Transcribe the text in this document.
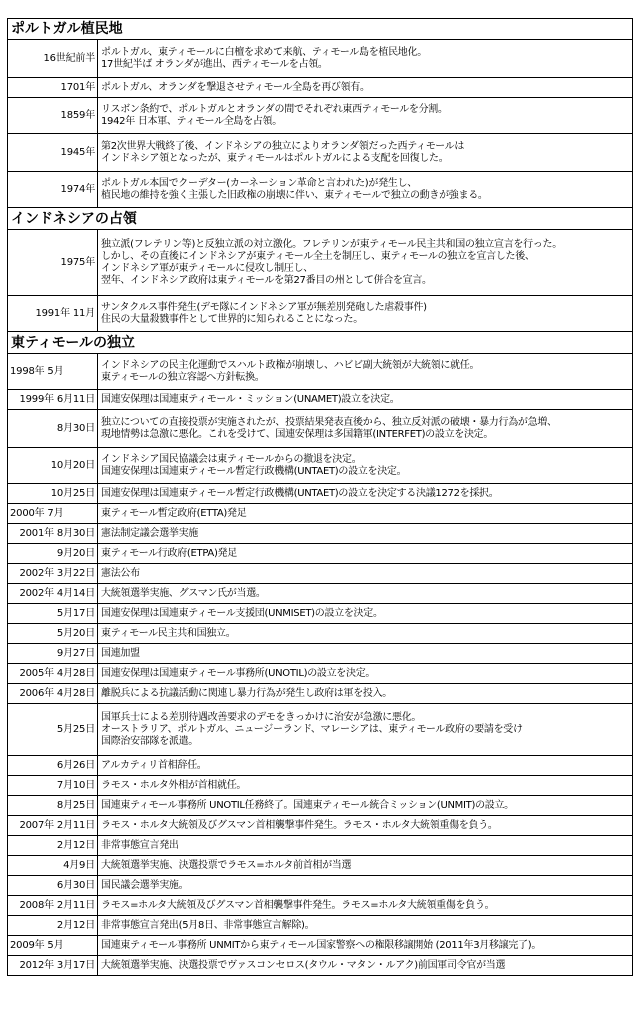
ポルトガル植民地
16世紀前半
ポルトガル、東ティモールに白檀を求めて来航、ティモール島を植民地化。
17世紀半ば オランダが進出、西ティモールを占領。
1701年 ポルトガル、オランダを撃退させティモール全島を再び領有。
1859年
リスボン条約で、ポルトガルとオランダの間でそれぞれ東西ティモールを分割。
1942年 日本軍、ティモール全島を占領。
1945年
第2次世界大戦終了後、インドネシアの独立によりオランダ領だった西ティモールは
インドネシア領となったが、東ティモールはポルトガルによる支配を回復した。
1974年
ポルトガル本国でクーデター(カーネーション革命と言われた)が発生し、
植民地の維持を強く主張した旧政権の崩壊に伴い、東ティモールで独立の動きが強まる。
インドネシアの占領
1975年
独立派(フレテリン等)と反独立派の対立激化。フレテリンが東ティモール民主共和国の独立宣言を行った。
しかし、その直後にインドネシアが東ティモール全土を制圧し、東ティモールの独立を宣言した後、
インドネシア軍が東ティモールに侵攻し制圧し、
翌年、インドネシア政府は東ティモールを第27番目の州として併合を宣言。
1991年 11月
サンタクルス事件発生(デモ隊にインドネシア軍が無差別発砲した虐殺事件)
住民の大量殺戮事件として世界的に知られることになった。
東ティモールの独立
1998年 5月
インドネシアの民主化運動でスハルト政権が崩壊し、ハビビ副大統領が大統領に就任。
東ティモールの独立容認へ方針転換。
1999年 6月11日 国連安保理は国連東ティモール・ミッション(UNAMET)設立を決定。
8月30日
独立についての直接投票が実施されたが、投票結果発表直後から、独立反対派の破壊・暴力行為が急増、
現地情勢は急激に悪化。これを受けて、国連安保理は多国籍軍(INTERFET)の設立を決定。
10月20日
インドネシア国民協議会は東ティモールからの撤退を決定。
国連安保理は国連東ティモール暫定行政機構(UNTAET)の設立を決定。
10月25日 国連安保理は国連東ティモール暫定行政機構(UNTAET)の設立を決定する決議1272を採択。
2000年 7月	東ティモール暫定政府(ETTA)発足
2001年 8月30日 憲法制定議会選挙実施
9月20日 東ティモール行政府(ETPA)発足
2002年 3月22日 憲法公布
2002年 4月14日 大統領選挙実施、グスマン氏が当選。
5月17日 国連安保理は国連東ティモール支援団(UNMISET)の設立を決定。
5月20日 東ティモール民主共和国独立。
9月27日 国連加盟
2005年 4月28日 国連安保理は国連東ティモール事務所(UNOTIL)の設立を決定。
2006年 4月28日 離脱兵による抗議活動に関連し暴力行為が発生し政府は軍を投入。
5月25日
国軍兵士による差別待遇改善要求のデモをきっかけに治安が急激に悪化。
オーストラリア、ポルトガル、ニュージーランド、マレーシアは、東ティモール政府の要請を受け
国際治安部隊を派遣。
6月26日 アルカティリ首相辞任。
7月10日 ラモス・ホルタ外相が首相就任。
8月25日 国連東ティモール事務所 UNOTIL任務終了。国連東ティモール統合ミッション(UNMIT)の設立。
2007年 2月11日 ラモス・ホルタ大統領及びグスマン首相襲撃事件発生。ラモス・ホルタ大統領重傷を負う。
2月12日 非常事態宣言発出
4月9日 大統領選挙実施、決選投票でラモス=ホルタ前首相が当選
6月30日 国民議会選挙実施。
2008年 2月11日 ラモス=ホルタ大統領及びグスマン首相襲撃事件発生。ラモス=ホルタ大統領重傷を負う。
2月12日 非常事態宣言発出(5月8日、非常事態宣言解除)。
2009年 5月	国連東ティモール事務所 UNMITから東ティモール国家警察への権限移譲開始 (2011年3月移譲完了)。
2012年 3月17日 大統領選挙実施、決選投票でヴァスコンセロス(タウル・マタン・ルアク)前国軍司令官が当選
